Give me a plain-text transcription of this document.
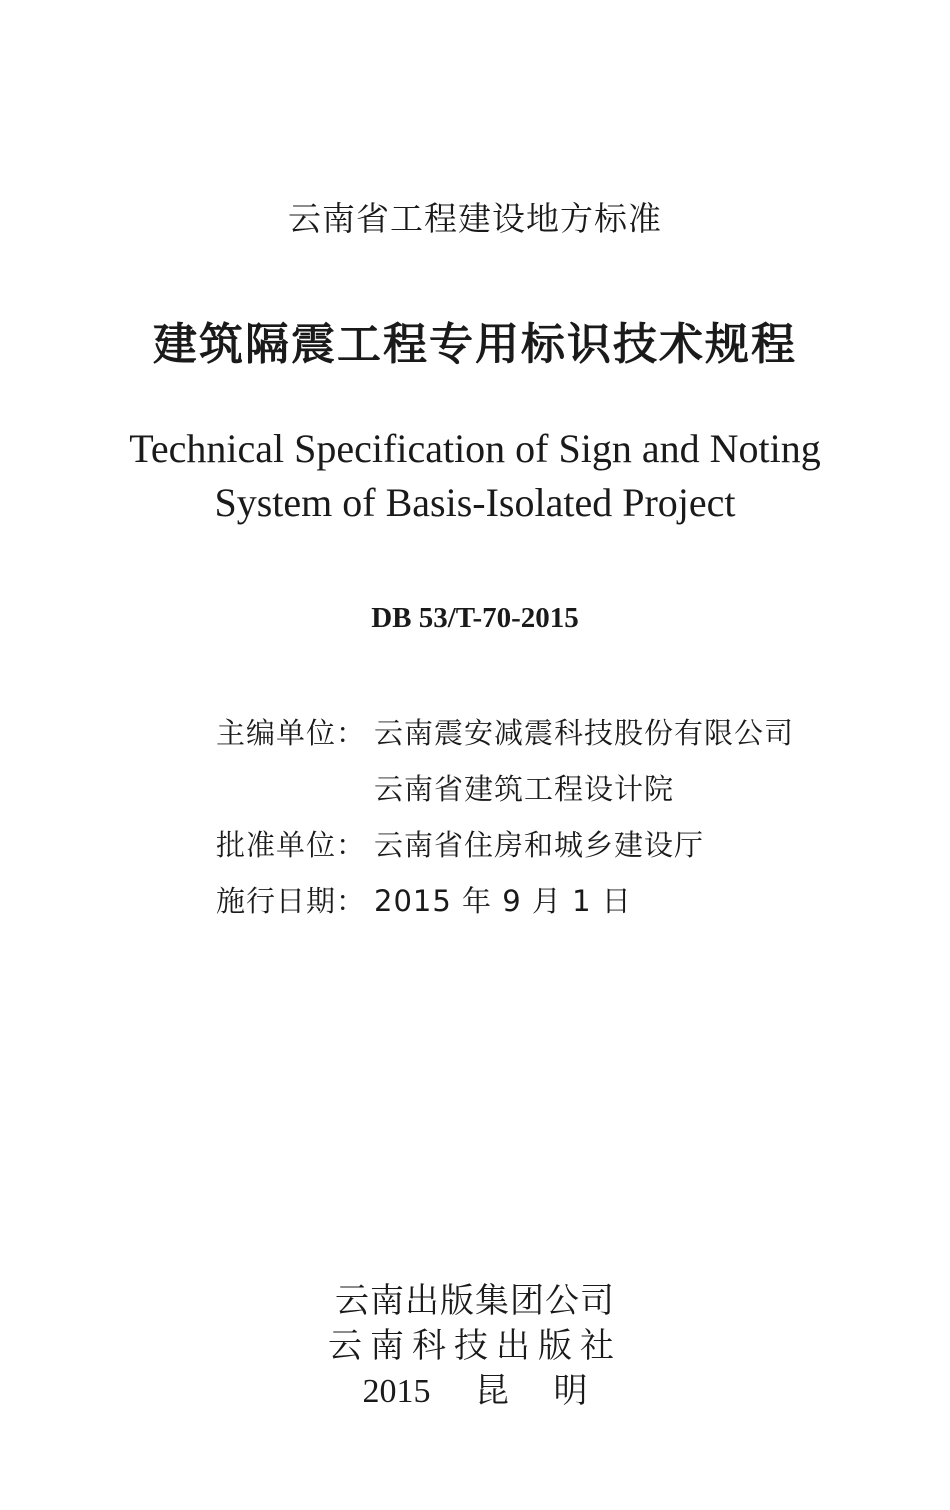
云南省工程建设地方标准
建筑隔震工程专用标识技术规程
Technical Specification of Sign and Noting
System of Basis-Isolated Project
DB 53/T-70-2015
主编单位： 云南震安减震科技股份有限公司
云南省建筑工程设计院
批准单位： 云南省住房和城乡建设厅
施行日期： 2015 年 9 月 1 日
云南出版集团公司
云南科技出版社
2015 昆 明
